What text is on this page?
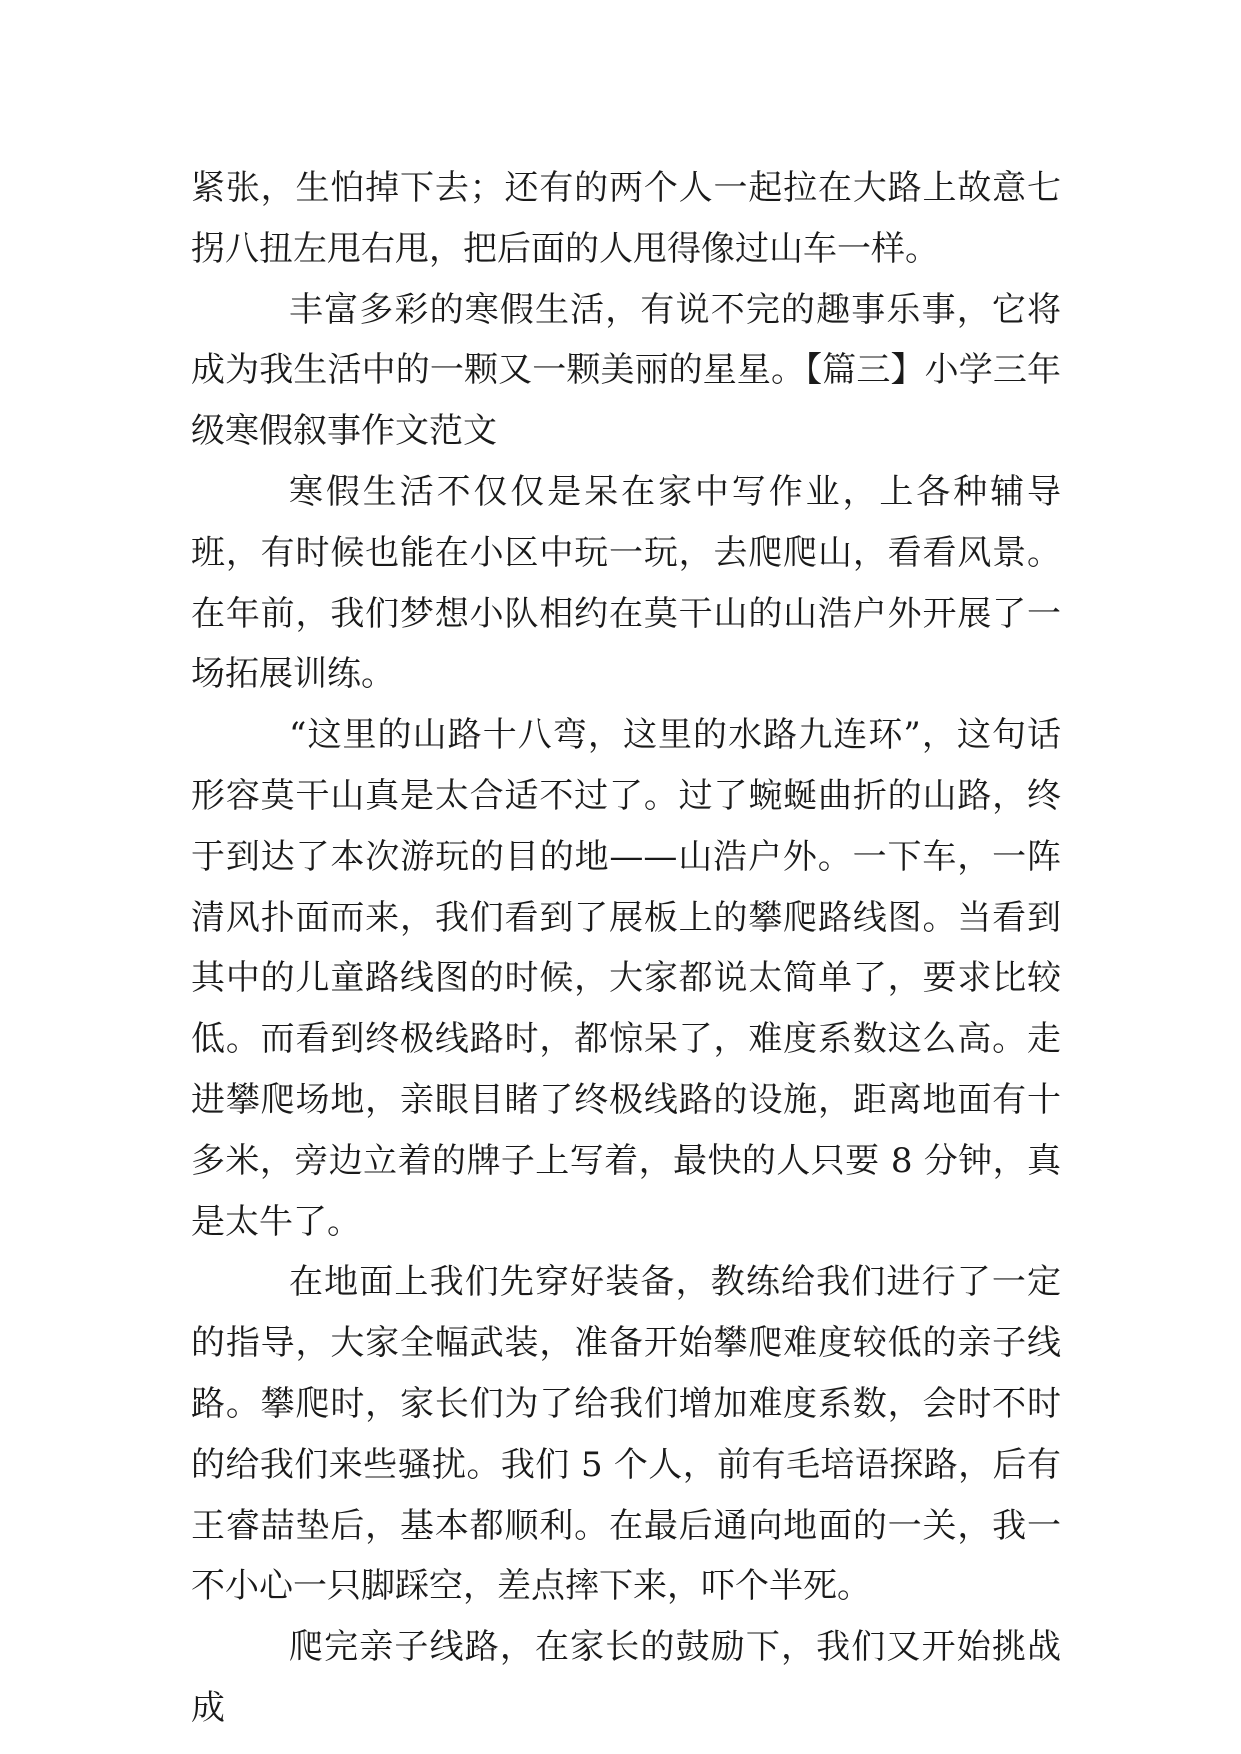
紧张，生怕掉下去；还有的两个人一起拉在大路上故意七拐八扭左甩右甩，把后面的人甩得像过山车一样。

丰富多彩的寒假生活，有说不完的趣事乐事，它将成为我生活中的一颗又一颗美丽的星星。【篇三】小学三年级寒假叙事作文范文

寒假生活不仅仅是呆在家中写作业，上各种辅导班，有时候也能在小区中玩一玩，去爬爬山，看看风景。在年前，我们梦想小队相约在莫干山的山浩户外开展了一场拓展训练。

“这里的山路十八弯，这里的水路九连环”，这句话形容莫干山真是太合适不过了。过了蜿蜒曲折的山路，终于到达了本次游玩的目的地——山浩户外。一下车，一阵清风扑面而来，我们看到了展板上的攀爬路线图。当看到其中的儿童路线图的时候，大家都说太简单了，要求比较低。而看到终极线路时，都惊呆了，难度系数这么高。走进攀爬场地，亲眼目睹了终极线路的设施，距离地面有十多米，旁边立着的牌子上写着，最快的人只要 8 分钟，真是太牛了。

在地面上我们先穿好装备，教练给我们进行了一定的指导，大家全幅武装，准备开始攀爬难度较低的亲子线路。攀爬时，家长们为了给我们增加难度系数，会时不时的给我们来些骚扰。我们 5 个人，前有毛培语探路，后有王睿喆垫后，基本都顺利。在最后通向地面的一关，我一不小心一只脚踩空，差点摔下来，吓个半死。

爬完亲子线路，在家长的鼓励下，我们又开始挑战成
